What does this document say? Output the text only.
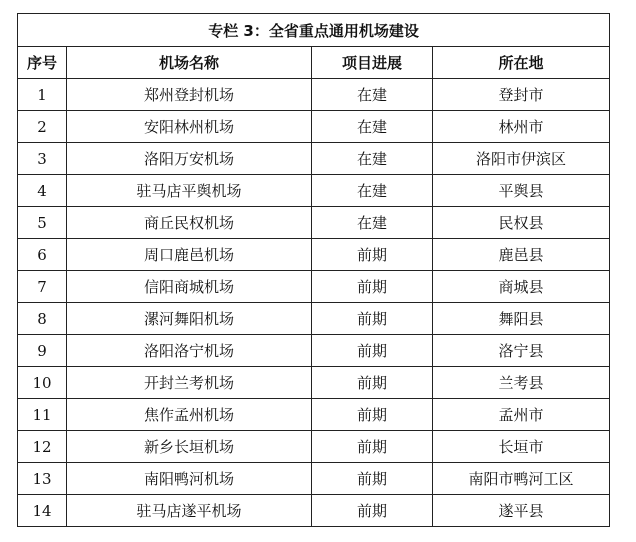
专栏 3：全省重点通用机场建设			
序号	机场名称	项目进展	所在地
1	郑州登封机场	在建	登封市
2	安阳林州机场	在建	林州市
3	洛阳万安机场	在建	洛阳市伊滨区
4	驻马店平舆机场	在建	平舆县
5	商丘民权机场	在建	民权县
6	周口鹿邑机场	前期	鹿邑县
7	信阳商城机场	前期	商城县
8	漯河舞阳机场	前期	舞阳县
9	洛阳洛宁机场	前期	洛宁县
10	开封兰考机场	前期	兰考县
11	焦作孟州机场	前期	孟州市
12	新乡长垣机场	前期	长垣市
13	南阳鸭河机场	前期	南阳市鸭河工区
14	驻马店遂平机场	前期	遂平县
